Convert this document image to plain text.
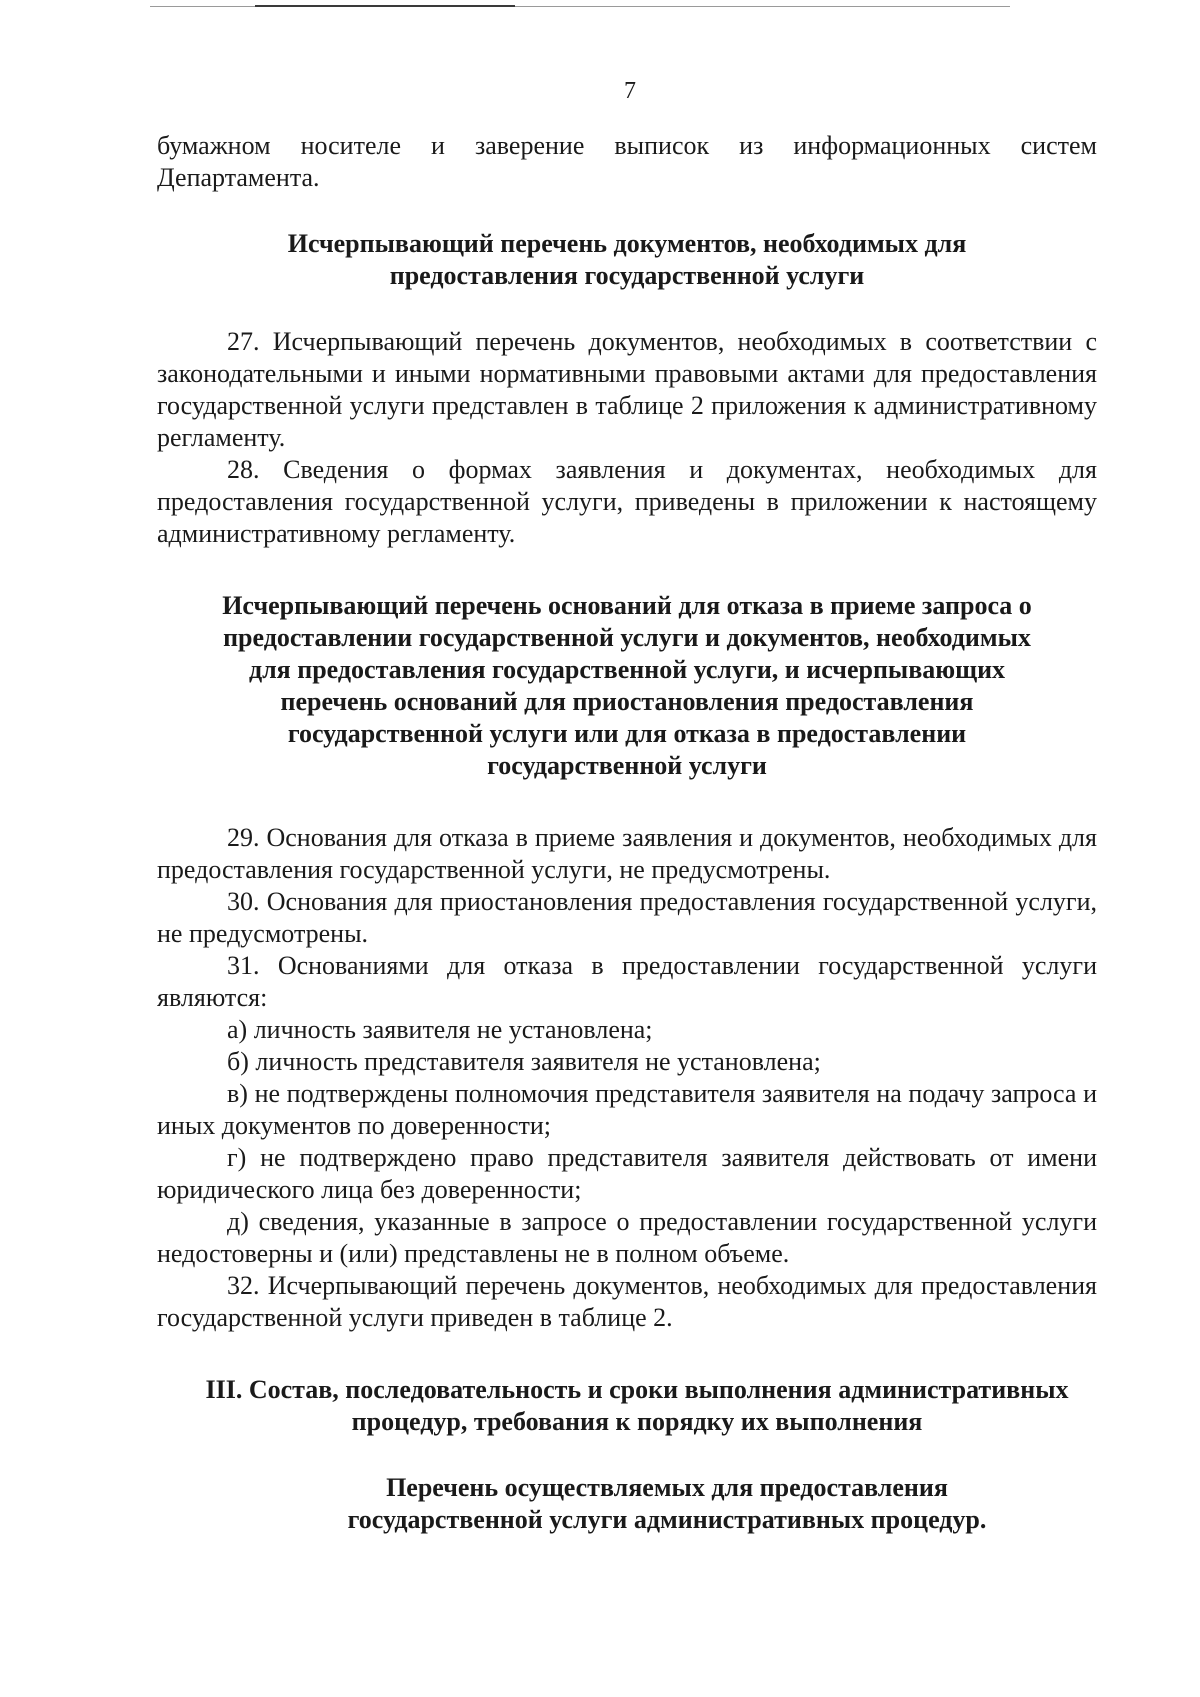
7

бумажном носителе и заверение выписок из информационных систем Департамента.

Исчерпывающий перечень документов, необходимых для предоставления государственной услуги

27. Исчерпывающий перечень документов, необходимых в соответствии с законодательными и иными нормативными правовыми актами для предоставления государственной услуги представлен в таблице 2 приложения к административному регламенту.

28. Сведения о формах заявления и документах, необходимых для предоставления государственной услуги, приведены в приложении к настоящему административному регламенту.

Исчерпывающий перечень оснований для отказа в приеме запроса о предоставлении государственной услуги и документов, необходимых для предоставления государственной услуги, и исчерпывающих перечень оснований для приостановления предоставления государственной услуги или для отказа в предоставлении государственной услуги

29. Основания для отказа в приеме заявления и документов, необходимых для предоставления государственной услуги, не предусмотрены.

30. Основания для приостановления предоставления государственной услуги, не предусмотрены.

31. Основаниями для отказа в предоставлении государственной услуги являются:

а) личность заявителя не установлена;

б) личность представителя заявителя не установлена;

в) не подтверждены полномочия представителя заявителя на подачу запроса и иных документов по доверенности;

г) не подтверждено право представителя заявителя действовать от имени юридического лица без доверенности;

д) сведения, указанные в запросе о предоставлении государственной услуги недостоверны и (или) представлены не в полном объеме.

32. Исчерпывающий перечень документов, необходимых для предоставления государственной услуги приведен в таблице 2.

III. Состав, последовательность и сроки выполнения административных процедур, требования к порядку их выполнения

Перечень осуществляемых для предоставления государственной услуги административных процедур.
